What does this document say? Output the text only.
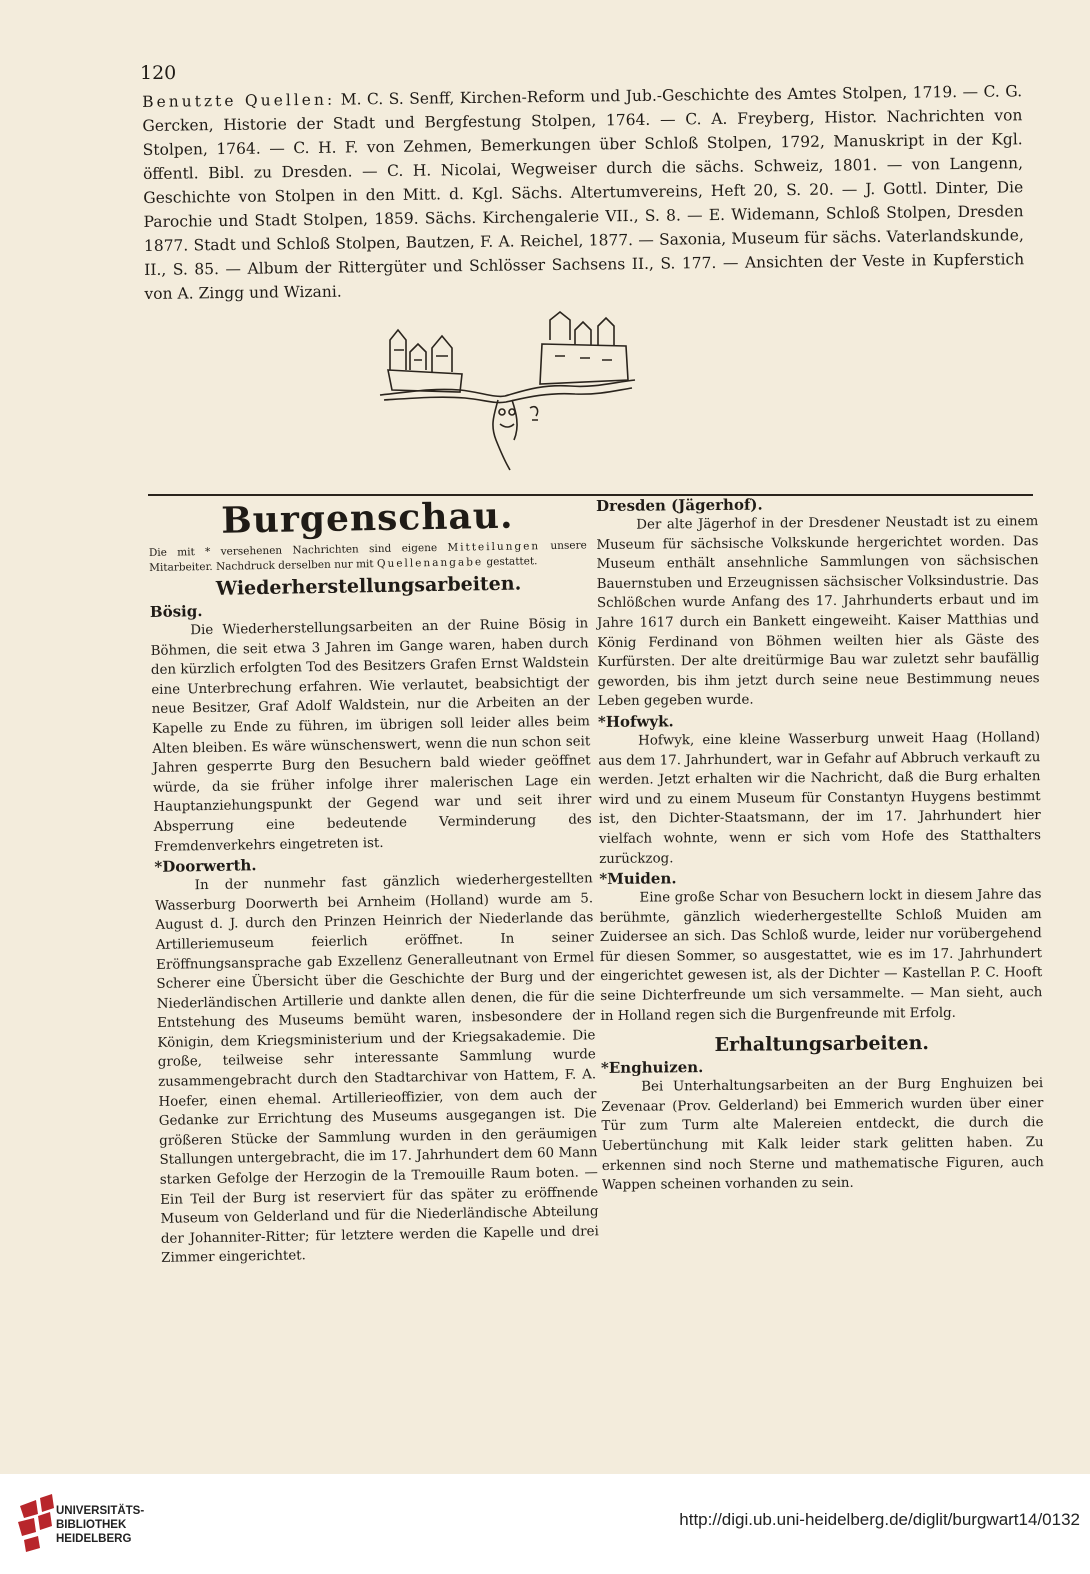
120
Benutzte Quellen: M. C. S. Senff, Kirchen-Reform und Jub.-Geschichte des Amtes Stolpen, 1719. — C. G. Gercken, Historie der Stadt und Bergfestung Stolpen, 1764. — C. A. Freyberg, Histor. Nachrichten von Stolpen, 1764. — C. H. F. von Zehmen, Bemerkungen über Schloß Stolpen, 1792, Manuskript in der Kgl. öffentl. Bibl. zu Dresden. — C. H. Nicolai, Wegweiser durch die sächs. Schweiz, 1801. — von Langenn, Geschichte von Stolpen in den Mitt. d. Kgl. Sächs. Altertumvereins, Heft 20, S. 20. — J. Gottl. Dinter, Die Parochie und Stadt Stolpen, 1859. Sächs. Kirchengalerie VII., S. 8. — E. Widemann, Schloß Stolpen, Dresden 1877. Stadt und Schloß Stolpen, Bautzen, F. A. Reichel, 1877. — Saxonia, Museum für sächs. Vaterlandskunde, II., S. 85. — Album der Rittergüter und Schlösser Sachsens II., S. 177. — Ansichten der Veste in Kupferstich von A. Zingg und Wizani.
Burgenschau.
Die mit * versehenen Nachrichten sind eigene Mitteilungen unsere Mitarbeiter. Nachdruck derselben nur mit Quellenangabe gestattet.
Wiederherstellungsarbeiten.
Bösig.

Die Wiederherstellungsarbeiten an der Ruine Bösig in Böhmen, die seit etwa 3 Jahren im Gange waren, haben durch den kürzlich erfolgten Tod des Besitzers Grafen Ernst Waldstein eine Unterbrechung erfahren. Wie verlautet, beabsichtigt der neue Besitzer, Graf Adolf Waldstein, nur die Arbeiten an der Kapelle zu Ende zu führen, im übrigen soll leider alles beim Alten bleiben. Es wäre wünschenswert, wenn die nun schon seit Jahren gesperrte Burg den Besuchern bald wieder geöffnet würde, da sie früher infolge ihrer malerischen Lage ein Hauptanziehungspunkt der Gegend war und seit ihrer Absperrung eine bedeutende Verminderung des Fremdenverkehrs eingetreten ist.

*Doorwerth.

In der nunmehr fast gänzlich wiederhergestellten Wasserburg Doorwerth bei Arnheim (Holland) wurde am 5. August d. J. durch den Prinzen Heinrich der Niederlande das Artilleriemuseum feierlich eröffnet. In seiner Eröffnungsansprache gab Exzellenz Generalleutnant von Ermel Scherer eine Übersicht über die Geschichte der Burg und der Niederländischen Artillerie und dankte allen denen, die für die Entstehung des Museums bemüht waren, insbesondere der Königin, dem Kriegsministerium und der Kriegsakademie. Die große, teilweise sehr interessante Sammlung wurde zusammengebracht durch den Stadtarchivar von Hattem, F. A. Hoefer, einen ehemal. Artillerieoffizier, von dem auch der Gedanke zur Errichtung des Museums ausgegangen ist. Die größeren Stücke der Sammlung wurden in den geräumigen Stallungen untergebracht, die im 17. Jahrhundert dem 60 Mann starken Gefolge der Herzogin de la Tremouille Raum boten. — Ein Teil der Burg ist reserviert für das später zu eröffnende Museum von Gelderland und für die Niederländische Abteilung der Johanniter-Ritter; für letztere werden die Kapelle und drei Zimmer eingerichtet.

Dresden (Jägerhof).

Der alte Jägerhof in der Dresdener Neustadt ist zu einem Museum für sächsische Volkskunde hergerichtet worden. Das Museum enthält ansehnliche Sammlungen von sächsischen Bauernstuben und Erzeugnissen sächsischer Volksindustrie. Das Schlößchen wurde Anfang des 17. Jahrhunderts erbaut und im Jahre 1617 durch ein Bankett eingeweiht. Kaiser Matthias und König Ferdinand von Böhmen weilten hier als Gäste des Kurfürsten. Der alte dreitürmige Bau war zuletzt sehr baufällig geworden, bis ihm jetzt durch seine neue Bestimmung neues Leben gegeben wurde.

*Hofwyk.

Hofwyk, eine kleine Wasserburg unweit Haag (Holland) aus dem 17. Jahrhundert, war in Gefahr auf Abbruch verkauft zu werden. Jetzt erhalten wir die Nachricht, daß die Burg erhalten wird und zu einem Museum für Constantyn Huygens bestimmt ist, den Dichter-Staatsmann, der im 17. Jahrhundert hier vielfach wohnte, wenn er sich vom Hofe des Statthalters zurückzog.

*Muiden.

Eine große Schar von Besuchern lockt in diesem Jahre das berühmte, gänzlich wiederhergestellte Schloß Muiden am Zuidersee an sich. Das Schloß wurde, leider nur vorübergehend für diesen Sommer, so ausgestattet, wie es im 17. Jahrhundert eingerichtet gewesen ist, als der Dichter — Kastellan P. C. Hooft seine Dichterfreunde um sich versammelte. — Man sieht, auch in Holland regen sich die Burgenfreunde mit Erfolg.

Erhaltungsarbeiten.
*Enghuizen.

Bei Unterhaltungsarbeiten an der Burg Enghuizen bei Zevenaar (Prov. Gelderland) bei Emmerich wurden über einer Tür zum Turm alte Malereien entdeckt, die durch die Uebertünchung mit Kalk leider stark gelitten haben. Zu erkennen sind noch Sterne und mathematische Figuren, auch Wappen scheinen vorhanden zu sein.

UNIVERSITÄTS-
BIBLIOTHEK
HEIDELBERG
http://digi.ub.uni-heidelberg.de/diglit/burgwart14/0132
